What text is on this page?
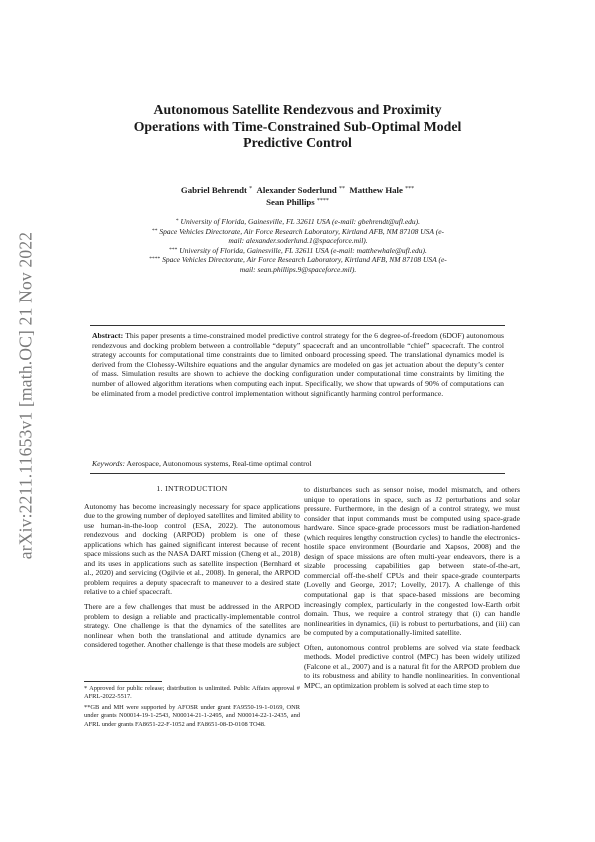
arXiv:2211.11653v1 [math.OC] 21 Nov 2022
Autonomous Satellite Rendezvous and Proximity Operations with Time-Constrained Sub-Optimal Model Predictive Control
Gabriel Behrendt * Alexander Soderlund ** Matthew Hale ***
Sean Phillips ****

* University of Florida, Gainesville, FL 32611 USA (e-mail: gbehrendt@ufl.edu).

** Space Vehicles Directorate, Air Force Research Laboratory, Kirtland AFB, NM 87108 USA (e-mail: alexander.soderlund.1@spaceforce.mil).

*** University of Florida, Gainesville, FL 32611 USA (e-mail: matthewhale@ufl.edu).

**** Space Vehicles Directorate, Air Force Research Laboratory, Kirtland AFB, NM 87108 USA (e-mail: sean.phillips.9@spaceforce.mil).

Abstract: This paper presents a time-constrained model predictive control strategy for the 6 degree-of-freedom (6DOF) autonomous rendezvous and docking problem between a controllable “deputy” spacecraft and an uncontrollable “chief” spacecraft. The control strategy accounts for computational time constraints due to limited onboard processing speed. The translational dynamics model is derived from the Clohessy-Wiltshire equations and the angular dynamics are modeled on gas jet actuation about the deputy’s center of mass. Simulation results are shown to achieve the docking configuration under computational time constraints by limiting the number of allowed algorithm iterations when computing each input. Specifically, we show that upwards of 90% of computations can be eliminated from a model predictive control implementation without significantly harming control performance.
Keywords: Aerospace, Autonomous systems, Real-time optimal control
1. INTRODUCTION

Autonomy has become increasingly necessary for space applications due to the growing number of deployed satellites and limited ability to use human-in-the-loop control (ESA, 2022). The autonomous rendezvous and docking (ARPOD) problem is one of these applications which has gained significant interest because of recent space missions such as the NASA DART mission (Cheng et al., 2018) and its uses in applications such as satellite inspection (Bernhard et al., 2020) and servicing (Ogilvie et al., 2008). In general, the ARPOD problem requires a deputy spacecraft to maneuver to a desired state relative to a chief spacecraft.

There are a few challenges that must be addressed in the ARPOD problem to design a reliable and practically-implementable control strategy. One challenge is that the dynamics of the satellites are nonlinear when both the translational and attitude dynamics are considered together. Another challenge is that these models are subject

to disturbances such as sensor noise, model mismatch, and others unique to operations in space, such as J2 perturbations and solar pressure. Furthermore, in the design of a control strategy, we must consider that input commands must be computed using space-grade hardware. Since space-grade processors must be radiation-hardened (which requires lengthy construction cycles) to handle the electronics-hostile space environment (Bourdarie and Xapsos, 2008) and the design of space missions are often multi-year endeavors, there is a sizable processing capabilities gap between state-of-the-art, commercial off-the-shelf CPUs and their space-grade counterparts (Lovelly and George, 2017; Lovelly, 2017). A challenge of this computational gap is that space-based missions are becoming increasingly complex, particularly in the congested low-Earth orbit domain. Thus, we require a control strategy that (i) can handle nonlinearities in dynamics, (ii) is robust to perturbations, and (iii) can be computed by a computationally-limited satellite.

Often, autonomous control problems are solved via state feedback methods. Model predictive control (MPC) has been widely utilized (Falcone et al., 2007) and is a natural fit for the ARPOD problem due to its robustness and ability to handle nonlinearities. In conventional MPC, an optimization problem is solved at each time step to

* Approved for public release; distribution is unlimited. Public Affairs approval # AFRL-2022-5517.

**GB and MH were supported by AFOSR under grant FA9550-19-1-0169, ONR under grants N00014-19-1-2543, N00014-21-1-2495, and N00014-22-1-2435, and AFRL under grants FA8651-22-F-1052 and FA8651-08-D-0108 TO48.
